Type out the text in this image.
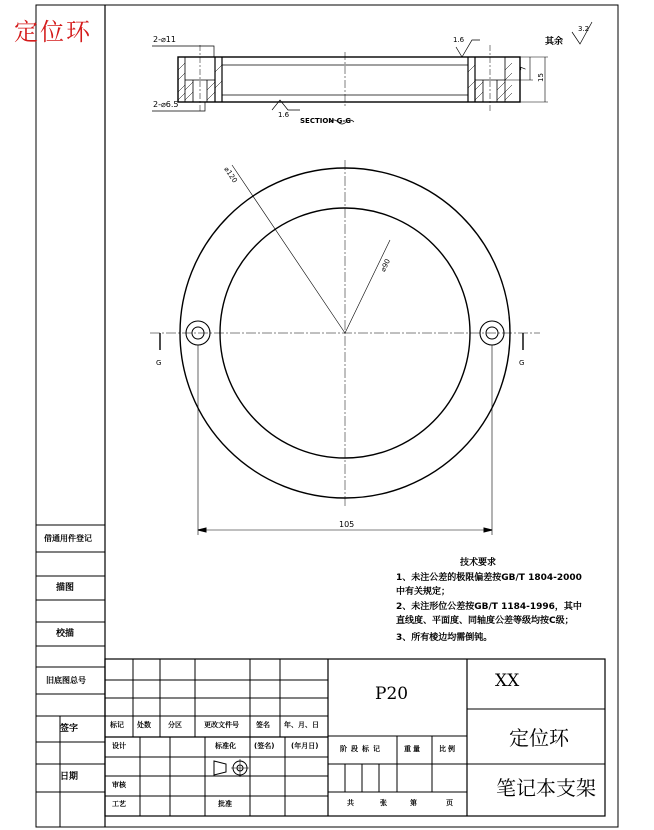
定位环	其余
3.2
2-⌀11
2-⌀6.5
1.6
1.6
15
7
SECTION G-G
⌀120
⌀90
105
G	G
技术要求
1、未注公差的极限偏差按GB/T 1804-2000中有关规定；
2、未注形位公差按GB/T 1184-1996，其中直线度、平面度、同轴度公差等级均按C级；
3、所有棱边均需倒钝。
借通用件登记
描图
校描
旧底图总号
签字
日期
P20
XX
定位环
笔记本支架
标记 处数 分区	更改文件号 签名 年、月、日
设计	标准化	(签名) (年月日)
审核
工艺	批准
阶段标记	重量 比例
共	张	第	页
